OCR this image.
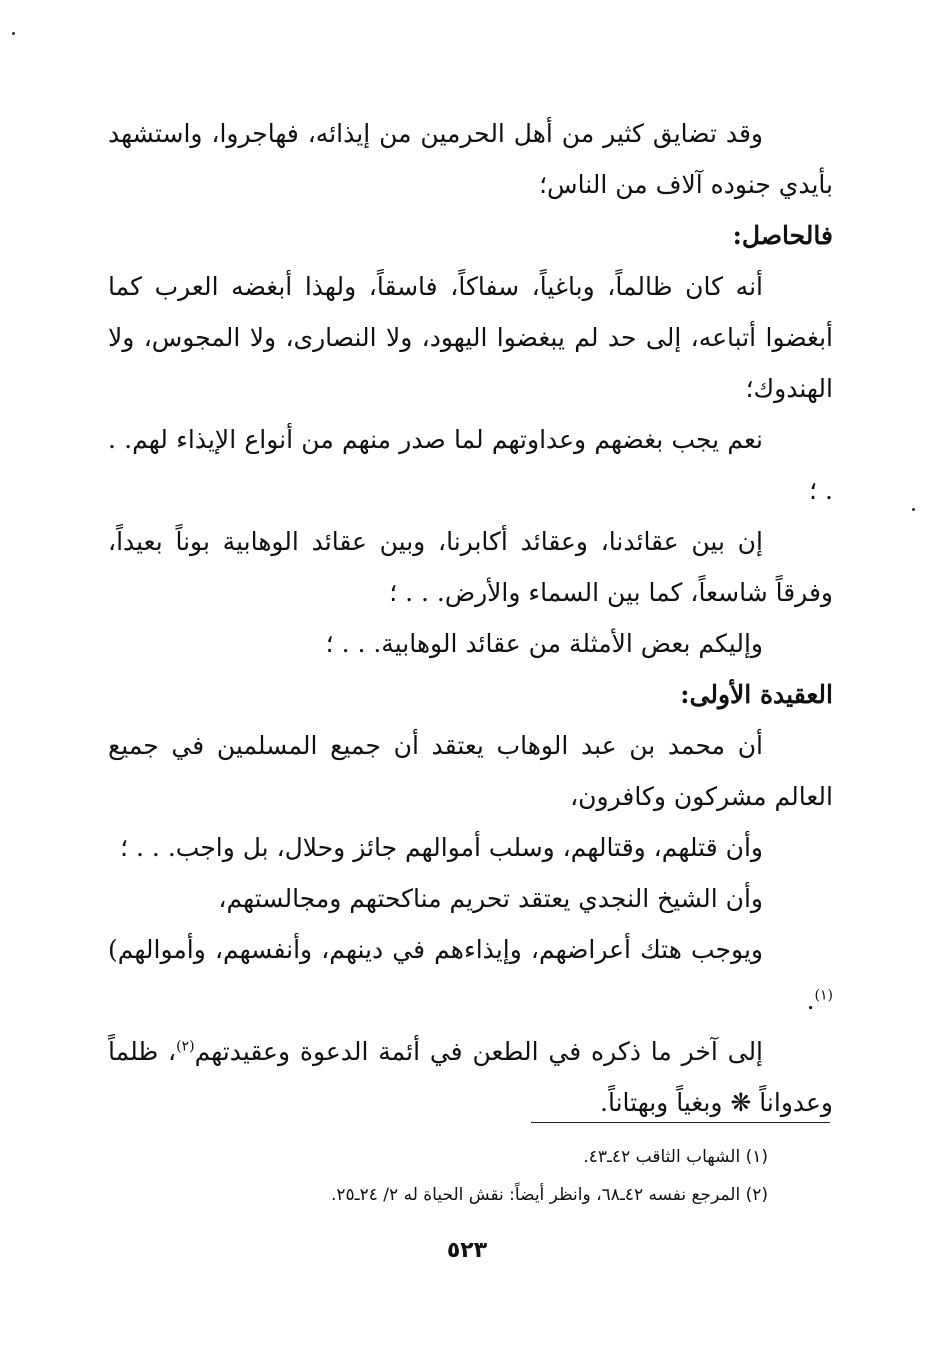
وقد تضايق كثير من أهل الحرمين من إيذائه، فهاجروا، واستشهد بأيدي جنوده آلاف من الناس؛

فالحاصل:

أنه كان ظالماً، وباغياً، سفاكاً، فاسقاً، ولهذا أبغضه العرب كما أبغضوا أتباعه، إلى حد لم يبغضوا اليهود، ولا النصارى، ولا المجوس، ولا الهندوك؛

نعم يجب بغضهم وعداوتهم لما صدر منهم من أنواع الإيذاء لهم. . . ؛

إن بين عقائدنا، وعقائد أكابرنا، وبين عقائد الوهابية بوناً بعيداً، وفرقاً شاسعاً، كما بين السماء والأرض. . . ؛

وإليكم بعض الأمثلة من عقائد الوهابية. . . ؛

العقيدة الأولى:

أن محمد بن عبد الوهاب يعتقد أن جميع المسلمين في جميع العالم مشركون وكافرون،

وأن قتلهم، وقتالهم، وسلب أموالهم جائز وحلال، بل واجب. . . ؛

وأن الشيخ النجدي يعتقد تحريم مناكحتهم ومجالستهم،

ويوجب هتك أعراضهم، وإيذاءهم في دينهم، وأنفسهم، وأموالهم)$^{(١)}$.

إلى آخر ما ذكره في الطعن في أئمة الدعوة وعقيدتهم$^{(٢)}$، ظلماً وعدواناً ❋ وبغياً وبهتاناً.

(١) الشهاب الثاقب ٤٢ـ٤٣.

(٢) المرجع نفسه ٤٢ـ٦٨، وانظر أيضاً: نقش الحياة له ٢/ ٢٤ـ٢٥.

٥٢٣
